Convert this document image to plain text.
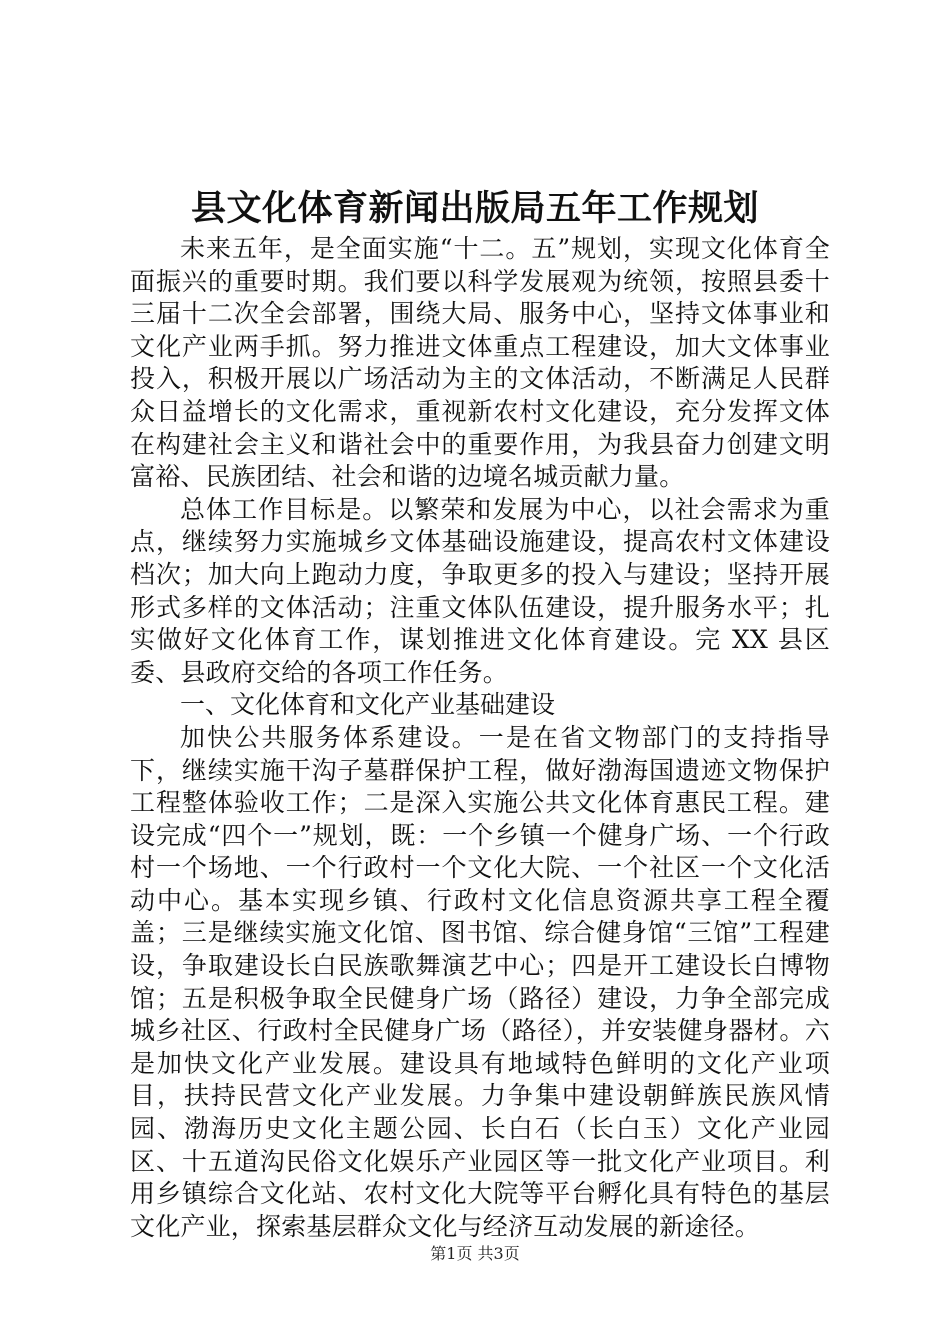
县文化体育新闻出版局五年工作规划

未来五年，是全面实施“十二。五”规划，实现文化体育全面振兴的重要时期。我们要以科学发展观为统领，按照县委十三届十二次全会部署，围绕大局、服务中心，坚持文体事业和文化产业两手抓。努力推进文体重点工程建设，加大文体事业投入，积极开展以广场活动为主的文体活动，不断满足人民群众日益增长的文化需求，重视新农村文化建设，充分发挥文体在构建社会主义和谐社会中的重要作用，为我县奋力创建文明富裕、民族团结、社会和谐的边境名城贡献力量。

总体工作目标是。以繁荣和发展为中心，以社会需求为重点，继续努力实施城乡文体基础设施建设，提高农村文体建设档次；加大向上跑动力度，争取更多的投入与建设；坚持开展形式多样的文体活动；注重文体队伍建设，提升服务水平；扎实做好文化体育工作，谋划推进文化体育建设。完 XX 县区委、县政府交给的各项工作任务。

一、文化体育和文化产业基础建设

加快公共服务体系建设。一是在省文物部门的支持指导下，继续实施干沟子墓群保护工程，做好渤海国遗迹文物保护工程整体验收工作；二是深入实施公共文化体育惠民工程。建设完成“四个一”规划，既：一个乡镇一个健身广场、一个行政村一个场地、一个行政村一个文化大院、一个社区一个文化活动中心。基本实现乡镇、行政村文化信息资源共享工程全覆盖；三是继续实施文化馆、图书馆、综合健身馆“三馆”工程建设，争取建设长白民族歌舞演艺中心；四是开工建设长白博物馆；五是积极争取全民健身广场（路径）建设，力争全部完成城乡社区、行政村全民健身广场（路径），并安装健身器材。六是加快文化产业发展。建设具有地域特色鲜明的文化产业项目，扶持民营文化产业发展。力争集中建设朝鲜族民族风情园、渤海历史文化主题公园、长白石（长白玉）文化产业园区、十五道沟民俗文化娱乐产业园区等一批文化产业项目。利用乡镇综合文化站、农村文化大院等平台孵化具有特色的基层文化产业，探索基层群众文化与经济互动发展的新途径。

第1页 共3页
